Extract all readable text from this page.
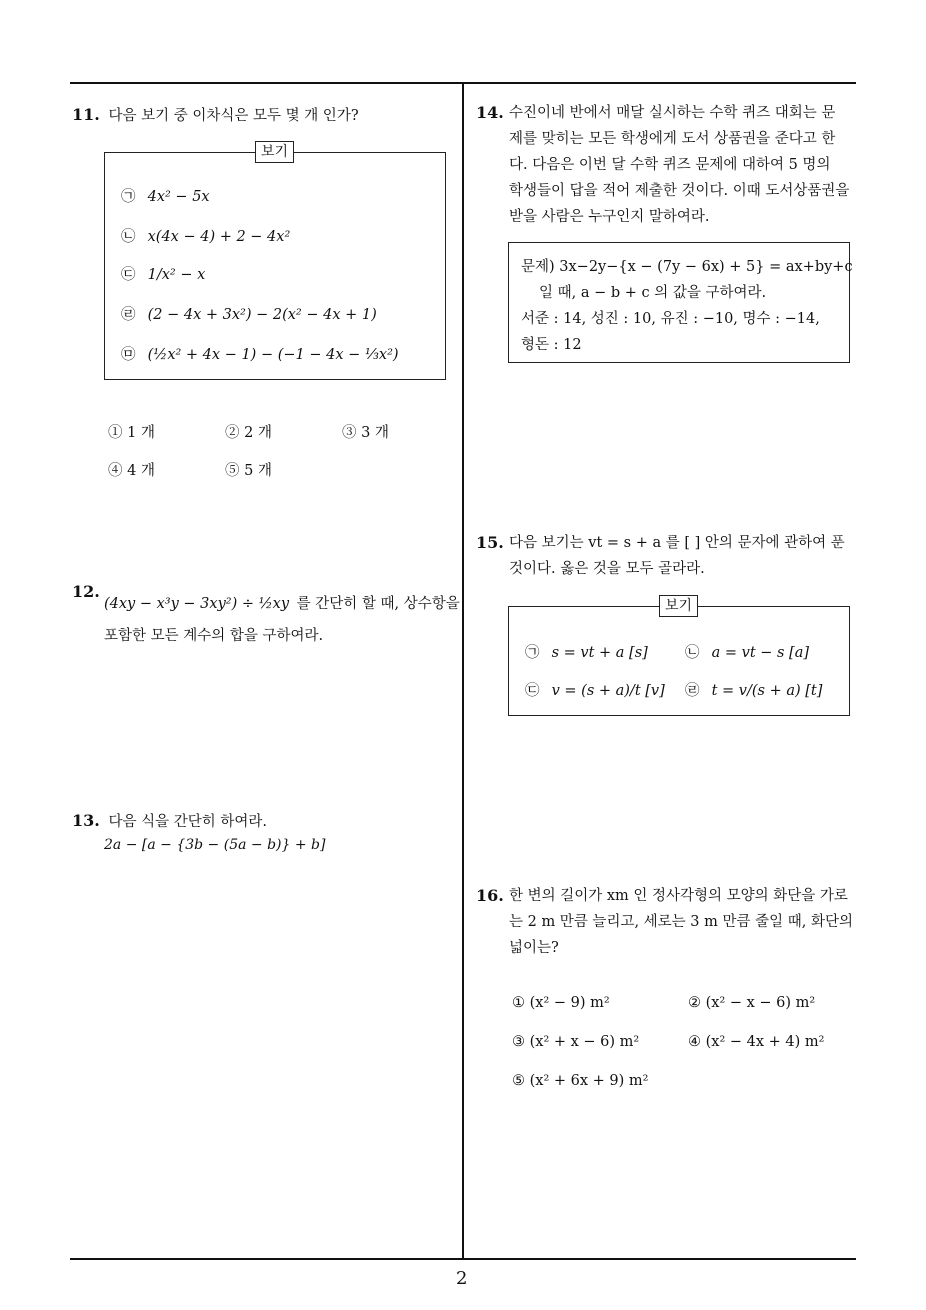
11. 다음 보기 중 이차식은 모두 몇 개 인가?
보기
㉠ 4x² − 5x
㉡ x(4x − 4) + 2 − 4x²
㉢ 1/x² − x
㉣ (2 − 4x + 3x²) − 2(x² − 4x + 1)
㉤ (½x² + 4x − 1) − (−1 − 4x − ⅓x²)
① 1 개	② 2 개	③ 3 개
④ 4 개	⑤ 5 개
12.
(4xy − x³y − 3xy²) ÷ ½xy 를 간단히 할 때, 상수항을
포함한 모든 계수의 합을 구하여라.
13. 다음 식을 간단히 하여라.
2a − [a − {3b − (5a − b)} + b]
14. 수진이네 반에서 매달 실시하는 수학 퀴즈 대회는 문
제를 맞히는 모든 학생에게 도서 상품권을 준다고 한
다. 다음은 이번 달 수학 퀴즈 문제에 대하여 5 명의
학생들이 답을 적어 제출한 것이다. 이때 도서상품권을
받을 사람은 누구인지 말하여라.
문제) 3x−2y−{x − (7y − 6x) + 5} = ax+by+c
일 때, a − b + c 의 값을 구하여라.
서준 : 14, 성진 : 10, 유진 : −10, 명수 : −14,
형돈 : 12
15. 다음 보기는 vt = s + a 를 [ ] 안의 문자에 관하여 푼
것이다. 옳은 것을 모두 골라라.
보기
㉠ s = vt + a [s]	㉡ a = vt − s [a]
㉢ v = (s + a)/t [v] ㉣ t = v/(s + a) [t]
16. 한 변의 길이가 xm 인 정사각형의 모양의 화단을 가로
는 2 m 만큼 늘리고, 세로는 3 m 만큼 줄일 때, 화단의
넓이는?
① (x² − 9) m²	② (x² − x − 6) m²
③ (x² + x − 6) m²	④ (x² − 4x + 4) m²
⑤ (x² + 6x + 9) m²
2
